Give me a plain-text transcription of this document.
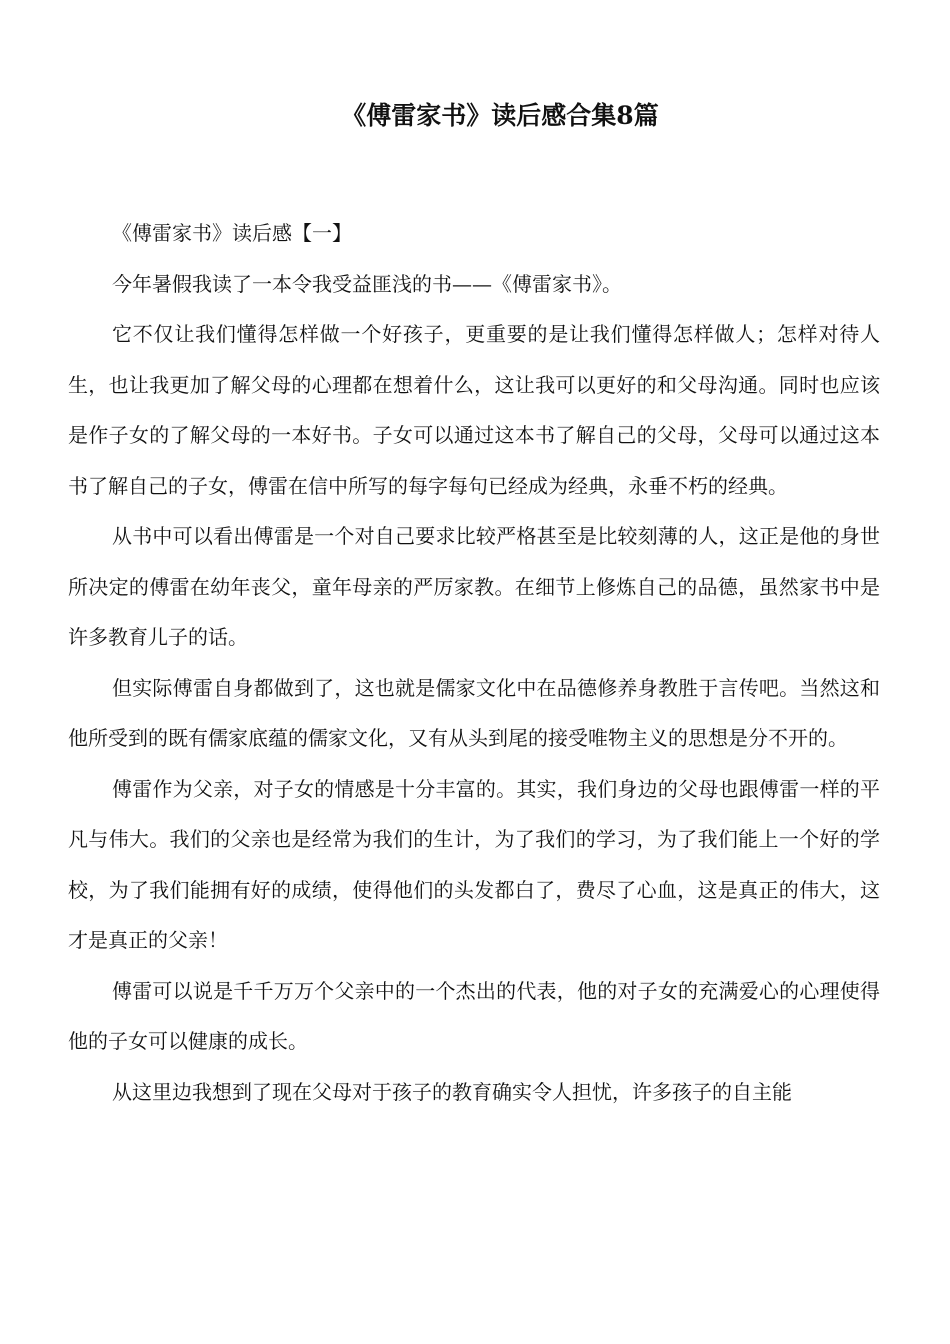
《傅雷家书》读后感合集8篇

《傅雷家书》读后感【一】

今年暑假我读了一本令我受益匪浅的书——《傅雷家书》。

它不仅让我们懂得怎样做一个好孩子，更重要的是让我们懂得怎样做人；怎样对待人生，也让我更加了解父母的心理都在想着什么，这让我可以更好的和父母沟通。同时也应该是作子女的了解父母的一本好书。子女可以通过这本书了解自己的父母，父母可以通过这本书了解自己的子女，傅雷在信中所写的每字每句已经成为经典，永垂不朽的经典。

从书中可以看出傅雷是一个对自己要求比较严格甚至是比较刻薄的人，这正是他的身世所决定的傅雷在幼年丧父，童年母亲的严厉家教。在细节上修炼自己的品德，虽然家书中是许多教育儿子的话。

但实际傅雷自身都做到了，这也就是儒家文化中在品德修养身教胜于言传吧。当然这和他所受到的既有儒家底蕴的儒家文化，又有从头到尾的接受唯物主义的思想是分不开的。

傅雷作为父亲，对子女的情感是十分丰富的。其实，我们身边的父母也跟傅雷一样的平凡与伟大。我们的父亲也是经常为我们的生计，为了我们的学习，为了我们能上一个好的学校，为了我们能拥有好的成绩，使得他们的头发都白了，费尽了心血，这是真正的伟大，这才是真正的父亲！

傅雷可以说是千千万万个父亲中的一个杰出的代表，他的对子女的充满爱心的心理使得他的子女可以健康的成长。

从这里边我想到了现在父母对于孩子的教育确实令人担忧，许多孩子的自主能
